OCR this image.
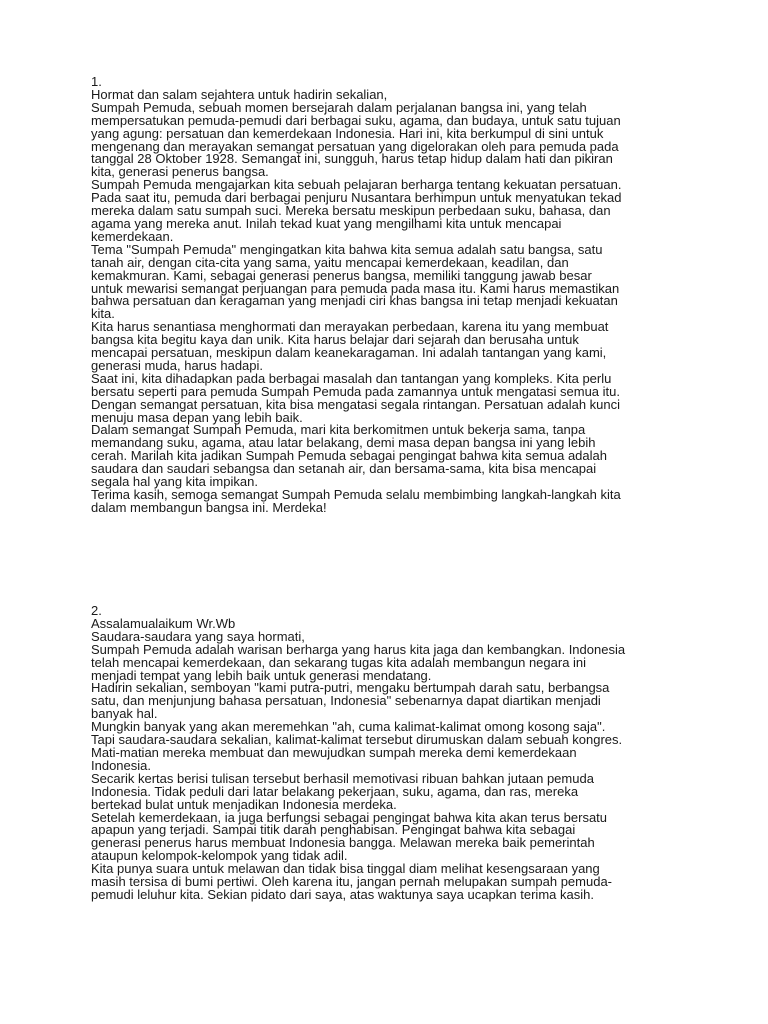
1.
Hormat dan salam sejahtera untuk hadirin sekalian,
Sumpah Pemuda, sebuah momen bersejarah dalam perjalanan bangsa ini, yang telah
mempersatukan pemuda-pemudi dari berbagai suku, agama, dan budaya, untuk satu tujuan
yang agung: persatuan dan kemerdekaan Indonesia. Hari ini, kita berkumpul di sini untuk
mengenang dan merayakan semangat persatuan yang digelorakan oleh para pemuda pada
tanggal 28 Oktober 1928. Semangat ini, sungguh, harus tetap hidup dalam hati dan pikiran
kita, generasi penerus bangsa.
Sumpah Pemuda mengajarkan kita sebuah pelajaran berharga tentang kekuatan persatuan.
Pada saat itu, pemuda dari berbagai penjuru Nusantara berhimpun untuk menyatukan tekad
mereka dalam satu sumpah suci. Mereka bersatu meskipun perbedaan suku, bahasa, dan
agama yang mereka anut. Inilah tekad kuat yang mengilhami kita untuk mencapai
kemerdekaan.
Tema "Sumpah Pemuda" mengingatkan kita bahwa kita semua adalah satu bangsa, satu
tanah air, dengan cita-cita yang sama, yaitu mencapai kemerdekaan, keadilan, dan
kemakmuran. Kami, sebagai generasi penerus bangsa, memiliki tanggung jawab besar
untuk mewarisi semangat perjuangan para pemuda pada masa itu. Kami harus memastikan
bahwa persatuan dan keragaman yang menjadi ciri khas bangsa ini tetap menjadi kekuatan
kita.
Kita harus senantiasa menghormati dan merayakan perbedaan, karena itu yang membuat
bangsa kita begitu kaya dan unik. Kita harus belajar dari sejarah dan berusaha untuk
mencapai persatuan, meskipun dalam keanekaragaman. Ini adalah tantangan yang kami,
generasi muda, harus hadapi.
Saat ini, kita dihadapkan pada berbagai masalah dan tantangan yang kompleks. Kita perlu
bersatu seperti para pemuda Sumpah Pemuda pada zamannya untuk mengatasi semua itu.
Dengan semangat persatuan, kita bisa mengatasi segala rintangan. Persatuan adalah kunci
menuju masa depan yang lebih baik.
Dalam semangat Sumpah Pemuda, mari kita berkomitmen untuk bekerja sama, tanpa
memandang suku, agama, atau latar belakang, demi masa depan bangsa ini yang lebih
cerah. Marilah kita jadikan Sumpah Pemuda sebagai pengingat bahwa kita semua adalah
saudara dan saudari sebangsa dan setanah air, dan bersama-sama, kita bisa mencapai
segala hal yang kita impikan.
Terima kasih, semoga semangat Sumpah Pemuda selalu membimbing langkah-langkah kita
dalam membangun bangsa ini. Merdeka!
2.
Assalamualaikum Wr.Wb
Saudara-saudara yang saya hormati,
Sumpah Pemuda adalah warisan berharga yang harus kita jaga dan kembangkan. Indonesia
telah mencapai kemerdekaan, dan sekarang tugas kita adalah membangun negara ini
menjadi tempat yang lebih baik untuk generasi mendatang.
Hadirin sekalian, semboyan "kami putra-putri, mengaku bertumpah darah satu, berbangsa
satu, dan menjunjung bahasa persatuan, Indonesia" sebenarnya dapat diartikan menjadi
banyak hal.
Mungkin banyak yang akan meremehkan "ah, cuma kalimat-kalimat omong kosong saja".
Tapi saudara-saudara sekalian, kalimat-kalimat tersebut dirumuskan dalam sebuah kongres.
Mati-matian mereka membuat dan mewujudkan sumpah mereka demi kemerdekaan
Indonesia.
Secarik kertas berisi tulisan tersebut berhasil memotivasi ribuan bahkan jutaan pemuda
Indonesia. Tidak peduli dari latar belakang pekerjaan, suku, agama, dan ras, mereka
bertekad bulat untuk menjadikan Indonesia merdeka.
Setelah kemerdekaan, ia juga berfungsi sebagai pengingat bahwa kita akan terus bersatu
apapun yang terjadi. Sampai titik darah penghabisan. Pengingat bahwa kita sebagai
generasi penerus harus membuat Indonesia bangga. Melawan mereka baik pemerintah
ataupun kelompok-kelompok yang tidak adil.
Kita punya suara untuk melawan dan tidak bisa tinggal diam melihat kesengsaraan yang
masih tersisa di bumi pertiwi. Oleh karena itu, jangan pernah melupakan sumpah pemuda-
pemudi leluhur kita. Sekian pidato dari saya, atas waktunya saya ucapkan terima kasih.
